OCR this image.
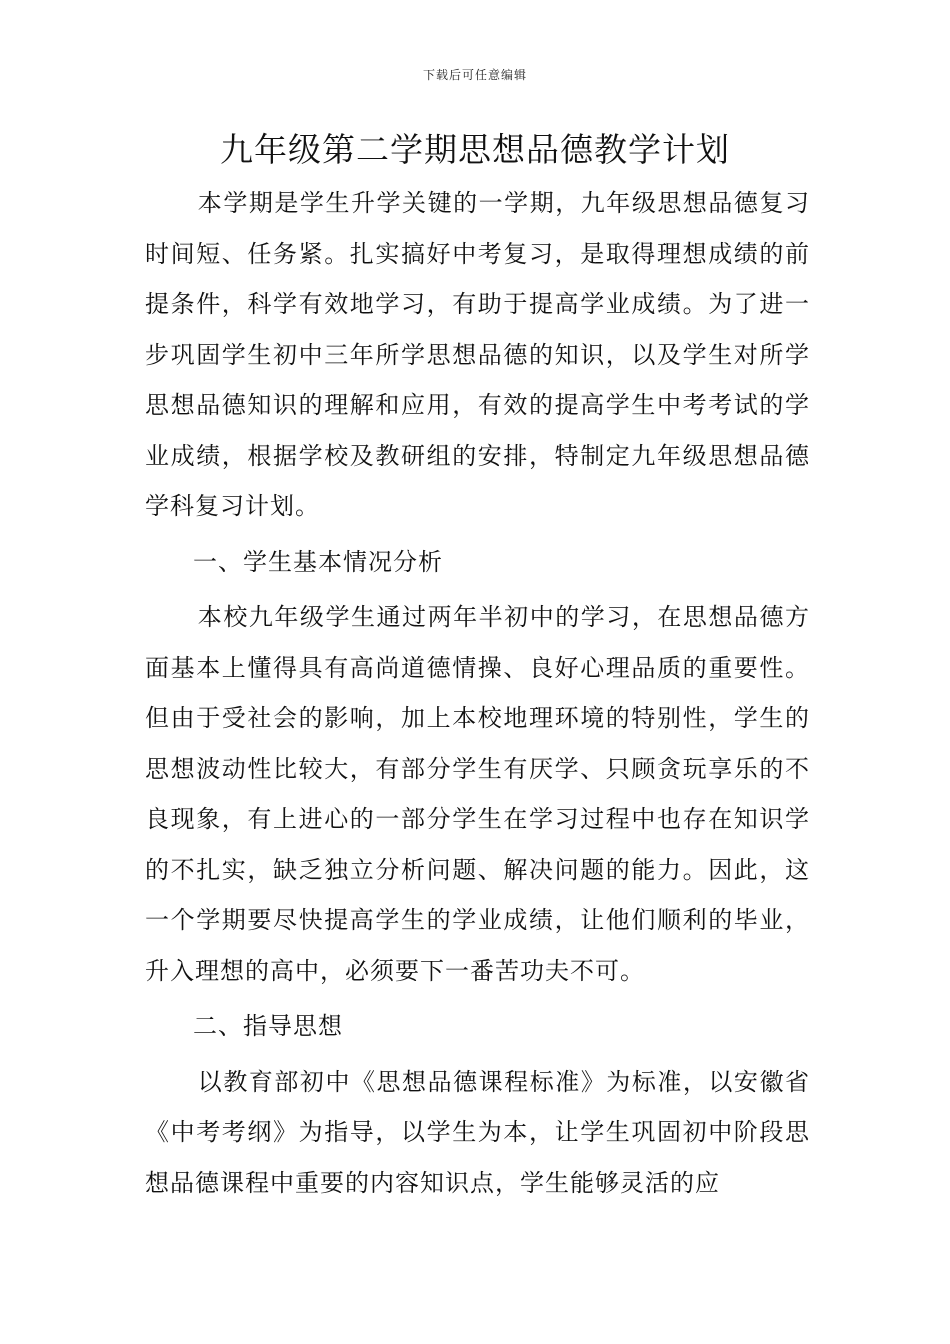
下载后可任意编辑
九年级第二学期思想品德教学计划

本学期是学生升学关键的一学期，九年级思想品德复习时间短、任务紧。扎实搞好中考复习，是取得理想成绩的前提条件，科学有效地学习，有助于提高学业成绩。为了进一步巩固学生初中三年所学思想品德的知识，以及学生对所学思想品德知识的理解和应用，有效的提高学生中考考试的学业成绩，根据学校及教研组的安排，特制定九年级思想品德学科复习计划。

一、学生基本情况分析

本校九年级学生通过两年半初中的学习，在思想品德方面基本上懂得具有高尚道德情操、良好心理品质的重要性。但由于受社会的影响，加上本校地理环境的特别性，学生的思想波动性比较大，有部分学生有厌学、只顾贪玩享乐的不良现象，有上进心的一部分学生在学习过程中也存在知识学的不扎实，缺乏独立分析问题、解决问题的能力。因此，这一个学期要尽快提高学生的学业成绩，让他们顺利的毕业，升入理想的高中，必须要下一番苦功夫不可。

二、指导思想

以教育部初中《思想品德课程标准》为标准，以安徽省《中考考纲》为指导，以学生为本，让学生巩固初中阶段思想品德课程中重要的内容知识点，学生能够灵活的应
